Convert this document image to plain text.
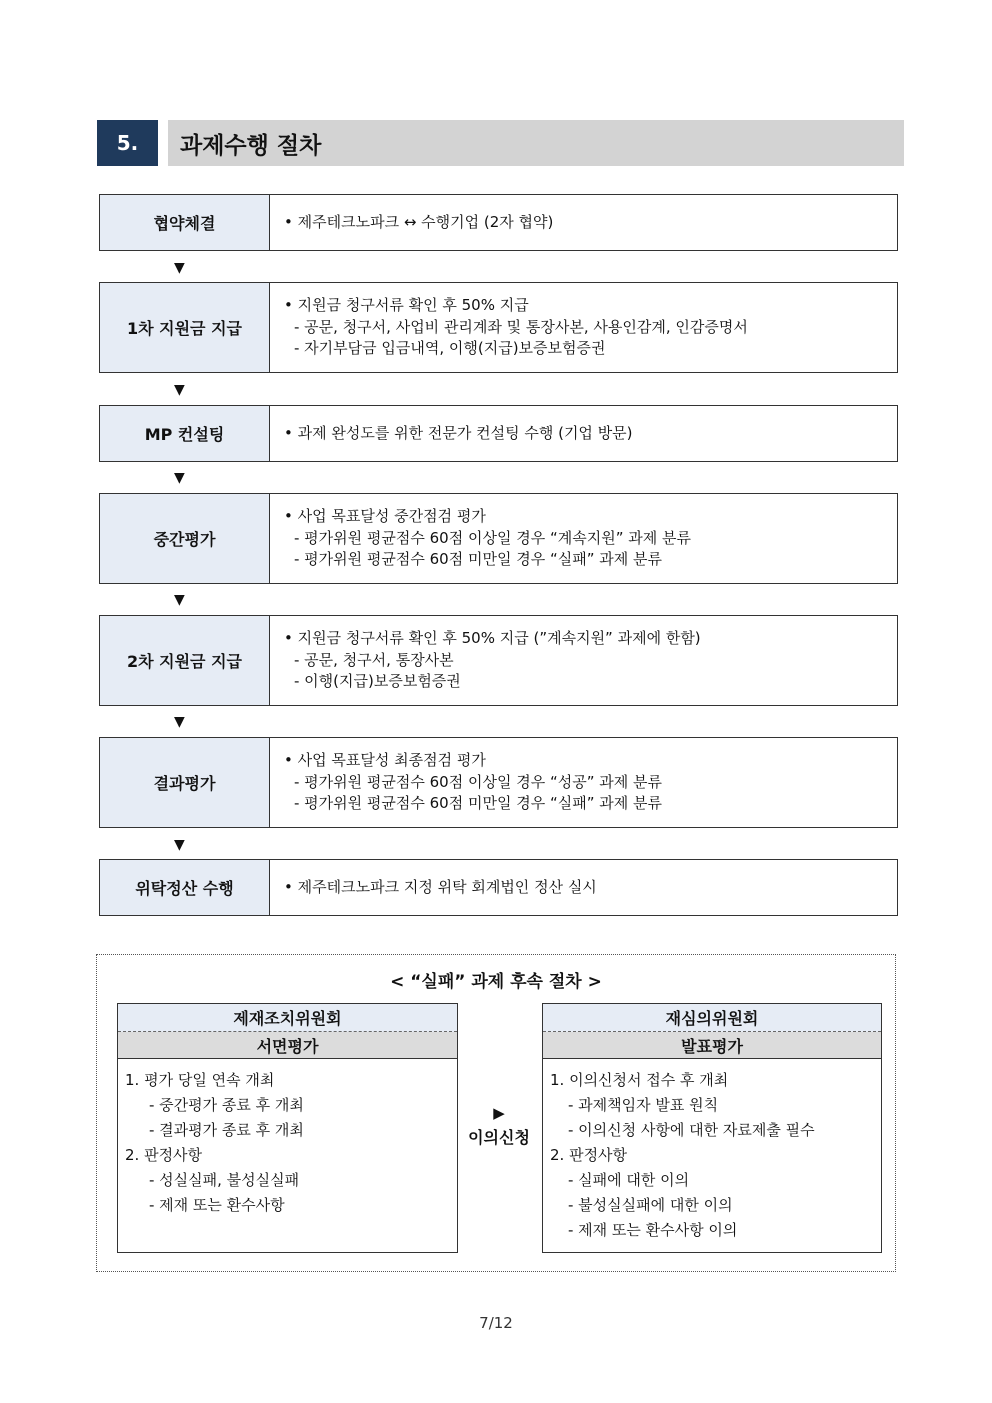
5.	과제수행 절차
협약체결	• 제주테크노파크 ↔ 수행기업 (2자 협약)
▼
1차 지원금 지급
• 지원금 청구서류 확인 후 50% 지급
- 공문, 청구서, 사업비 관리계좌 및 통장사본, 사용인감계, 인감증명서
- 자기부담금 입금내역, 이행(지급)보증보험증권
▼
MP 컨설팅	• 과제 완성도를 위한 전문가 컨설팅 수행 (기업 방문)
▼
중간평가
• 사업 목표달성 중간점검 평가
- 평가위원 평균점수 60점 이상일 경우 “계속지원” 과제 분류
- 평가위원 평균점수 60점 미만일 경우 “실패” 과제 분류
▼
2차 지원금 지급
• 지원금 청구서류 확인 후 50% 지급 (”계속지원” 과제에 한함)
- 공문, 청구서, 통장사본
- 이행(지급)보증보험증권
▼
결과평가
• 사업 목표달성 최종점검 평가
- 평가위원 평균점수 60점 이상일 경우 “성공” 과제 분류
- 평가위원 평균점수 60점 미만일 경우 “실패” 과제 분류
▼
위탁정산 수행	• 제주테크노파크 지정 위탁 회계법인 정산 실시
< “실패” 과제 후속 절차 >
제재조치위원회
서면평가
1. 평가 당일 연속 개최
- 중간평가 종료 후 개최
- 결과평가 종료 후 개최
2. 판정사항
- 성실실패, 불성실실패
- 제재 또는 환수사항
▶
이의신청
재심의위원회
발표평가
1. 이의신청서 접수 후 개최
- 과제책임자 발표 원칙
- 이의신청 사항에 대한 자료제출 필수
2. 판정사항
- 실패에 대한 이의
- 불성실실패에 대한 이의
- 제재 또는 환수사항 이의
7/12
